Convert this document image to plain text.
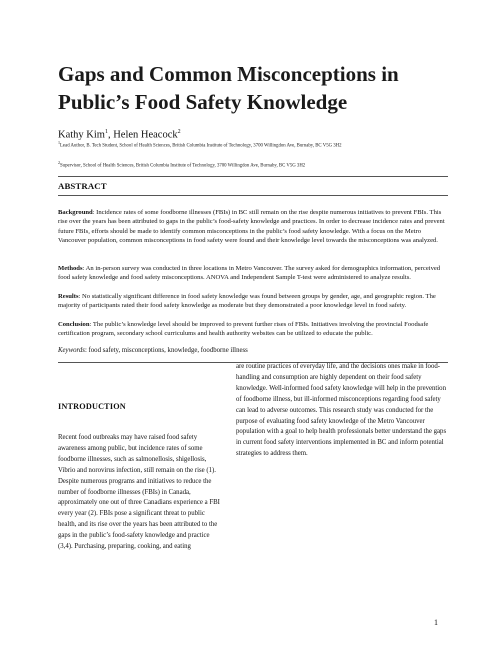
Gaps and Common Misconceptions in Public’s Food Safety Knowledge
Kathy Kim$^1$, Helen Heacock$^2$
$^1$Lead Author, B. Tech Student, School of Health Sciences, British Columbia Institute of Technology, 3700 Willingdon Ave, Burnaby, BC V5G 3H2
$^2$Supervisor, School of Health Sciences, British Columbia Institute of Technology, 3700 Willingdon Ave, Burnaby, BC V5G 3H2
ABSTRACT
Background: Incidence rates of some foodborne illnesses (FBIs) in BC still remain on the rise despite numerous initiatives to prevent FBIs. This rise over the years has been attributed to gaps in the public’s food-safety knowledge and practices. In order to decrease incidence rates and prevent future FBIs, efforts should be made to identify common misconceptions in the public’s food safety knowledge. With a focus on the Metro Vancouver population, common misconceptions in food safety were found and their knowledge level towards the misconceptions was analyzed.
Methods: An in-person survey was conducted in three locations in Metro Vancouver. The survey asked for demographics information, perceived food safety knowledge and food safety misconceptions. ANOVA and Independent Sample T-test were administered to analyze results.
Results: No statistically significant difference in food safety knowledge was found between groups by gender, age, and geographic region. The majority of participants rated their food safety knowledge as moderate but they demonstrated a poor knowledge level in food safety.
Conclusion: The public’s knowledge level should be improved to prevent further rises of FBIs. Initiatives involving the provincial Foodsafe certification program, secondary school curriculums and health authority websites can be utilized to educate the public.
Keywords: food safety, misconceptions, knowledge, foodborne illness
INTRODUCTION

Recent food outbreaks may have raised food safety awareness among public, but incidence rates of some foodborne illnesses, such as salmonellosis, shigellosis, Vibrio and norovirus infection, still remain on the rise (1). Despite numerous programs and initiatives to reduce the number of foodborne illnesses (FBIs) in Canada, approximately one out of three Canadians experience a FBI every year (2). FBIs pose a significant threat to public health, and its rise over the years has been attributed to the gaps in the public’s food-safety knowledge and practice (3,4). Purchasing, preparing, cooking, and eating

are routine practices of everyday life, and the decisions ones make in food-handling and consumption are highly dependent on their food safety knowledge. Well-informed food safety knowledge will help in the prevention of foodborne illness, but ill-informed misconceptions regarding food safety can lead to adverse outcomes. This research study was conducted for the purpose of evaluating food safety knowledge of the Metro Vancouver population with a goal to help health professionals better understand the gaps in current food safety interventions implemented in BC and inform potential strategies to address them.

1
